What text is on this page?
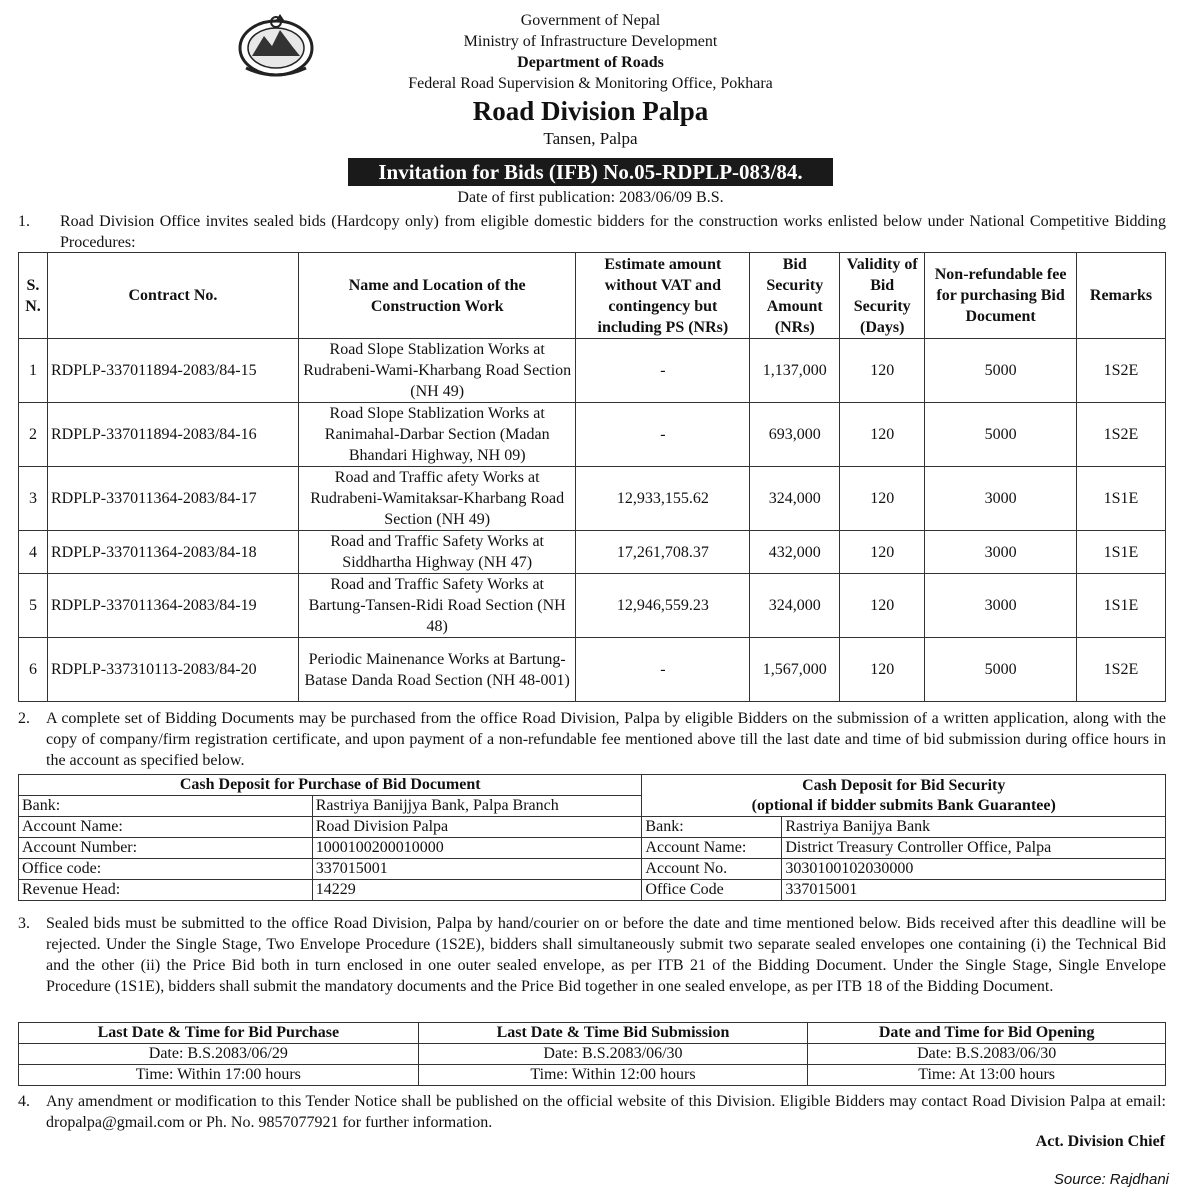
Government of Nepal
Ministry of Infrastructure Development
Department of Roads
Federal Road Supervision & Monitoring Office, Pokhara
Road Division Palpa
Tansen, Palpa
Invitation for Bids (IFB) No.05-RDPLP-083/84.
Date of first publication: 2083/06/09 B.S.
1. Road Division Office invites sealed bids (Hardcopy only) from eligible domestic bidders for the construction works enlisted below under National Competitive Bidding Procedures:
S. N.	Contract No.	Name and Location of the Construction Work	Estimate amount without VAT and contingency but including PS (NRs)	Bid Security Amount (NRs)	Validity of Bid Security (Days)	Non-refundable fee for purchasing Bid Document	Remarks
1	RDPLP-337011894-2083/84-15	Road Slope Stablization Works at Rudrabeni-Wami-Kharbang Road Section (NH 49)	-	1,137,000	120	5000	1S2E
2	RDPLP-337011894-2083/84-16	Road Slope Stablization Works at Ranimahal-Darbar Section (Madan Bhandari Highway, NH 09)	-	693,000	120	5000	1S2E
3	RDPLP-337011364-2083/84-17	Road and Traffic afety Works at Rudrabeni-Wamitaksar-Kharbang Road Section (NH 49)	12,933,155.62	324,000	120	3000	1S1E
4	RDPLP-337011364-2083/84-18	Road and Traffic Safety Works at Siddhartha Highway (NH 47)	17,261,708.37	432,000	120	3000	1S1E
5	RDPLP-337011364-2083/84-19	Road and Traffic Safety Works at Bartung-Tansen-Ridi Road Section (NH 48)	12,946,559.23	324,000	120	3000	1S1E
6	RDPLP-337310113-2083/84-20	Periodic Mainenance Works at Bartung-Batase Danda Road Section (NH 48-001)	-	1,567,000	120	5000	1S2E
2. A complete set of Bidding Documents may be purchased from the office Road Division, Palpa by eligible Bidders on the submission of a written application, along with the copy of company/firm registration certificate, and upon payment of a non-refundable fee mentioned above till the last date and time of bid submission during office hours in the account as specified below.
Cash Deposit for Purchase of Bid Document		Cash Deposit for Bid Security
(optional if bidder submits Bank Guarantee)	

Bank:	Rastriya Banijjya Bank, Palpa Branch		
Account Name:	Road Division Palpa	Bank:	Rastriya Banijya Bank
Account Number:	1000100200010000	Account Name:	District Treasury Controller Office, Palpa
Office code:	337015001	Account No.	3030100102030000
Revenue Head:	14229	Office Code	337015001
3. Sealed bids must be submitted to the office Road Division, Palpa by hand/courier on or before the date and time mentioned below. Bids received after this deadline will be rejected. Under the Single Stage, Two Envelope Procedure (1S2E), bidders shall simultaneously submit two separate sealed envelopes one containing (i) the Technical Bid and the other (ii) the Price Bid both in turn enclosed in one outer sealed envelope, as per ITB 21 of the Bidding Document. Under the Single Stage, Single Envelope Procedure (1S1E), bidders shall submit the mandatory documents and the Price Bid together in one sealed envelope, as per ITB 18 of the Bidding Document.
Last Date & Time for Bid Purchase	Last Date & Time Bid Submission	Date and Time for Bid Opening
Date: B.S.2083/06/29	Date: B.S.2083/06/30	Date: B.S.2083/06/30
Time: Within 17:00 hours	Time: Within 12:00 hours	Time: At 13:00 hours
4. Any amendment or modification to this Tender Notice shall be published on the official website of this Division. Eligible Bidders may contact Road Division Palpa at email: dropalpa@gmail.com or Ph. No. 9857077921 for further information.
Act. Division Chief
Source: Rajdhani
